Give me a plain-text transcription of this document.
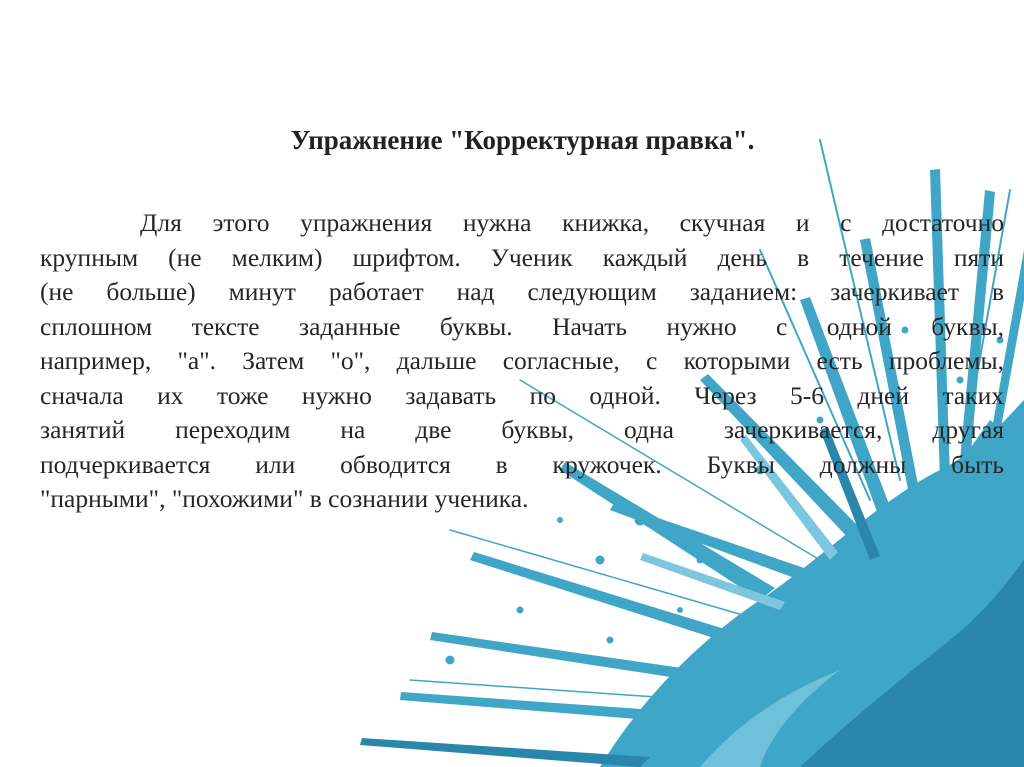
Упражнение "Корректурная правка".
Для этого упражнения нужна книжка, скучная и с достаточно
крупным (не мелким) шрифтом. Ученик каждый день в течение пяти
(не больше) минут работает над следующим заданием: зачеркивает в
сплошном тексте заданные буквы. Начать нужно с одной буквы,
например, "а". Затем "о", дальше согласные, с которыми есть проблемы,
сначала их тоже нужно задавать по одной. Через 5-6 дней таких
занятий переходим на две буквы, одна зачеркивается, другая
подчеркивается или обводится в кружочек. Буквы должны быть
"парными", "похожими" в сознании ученика.
